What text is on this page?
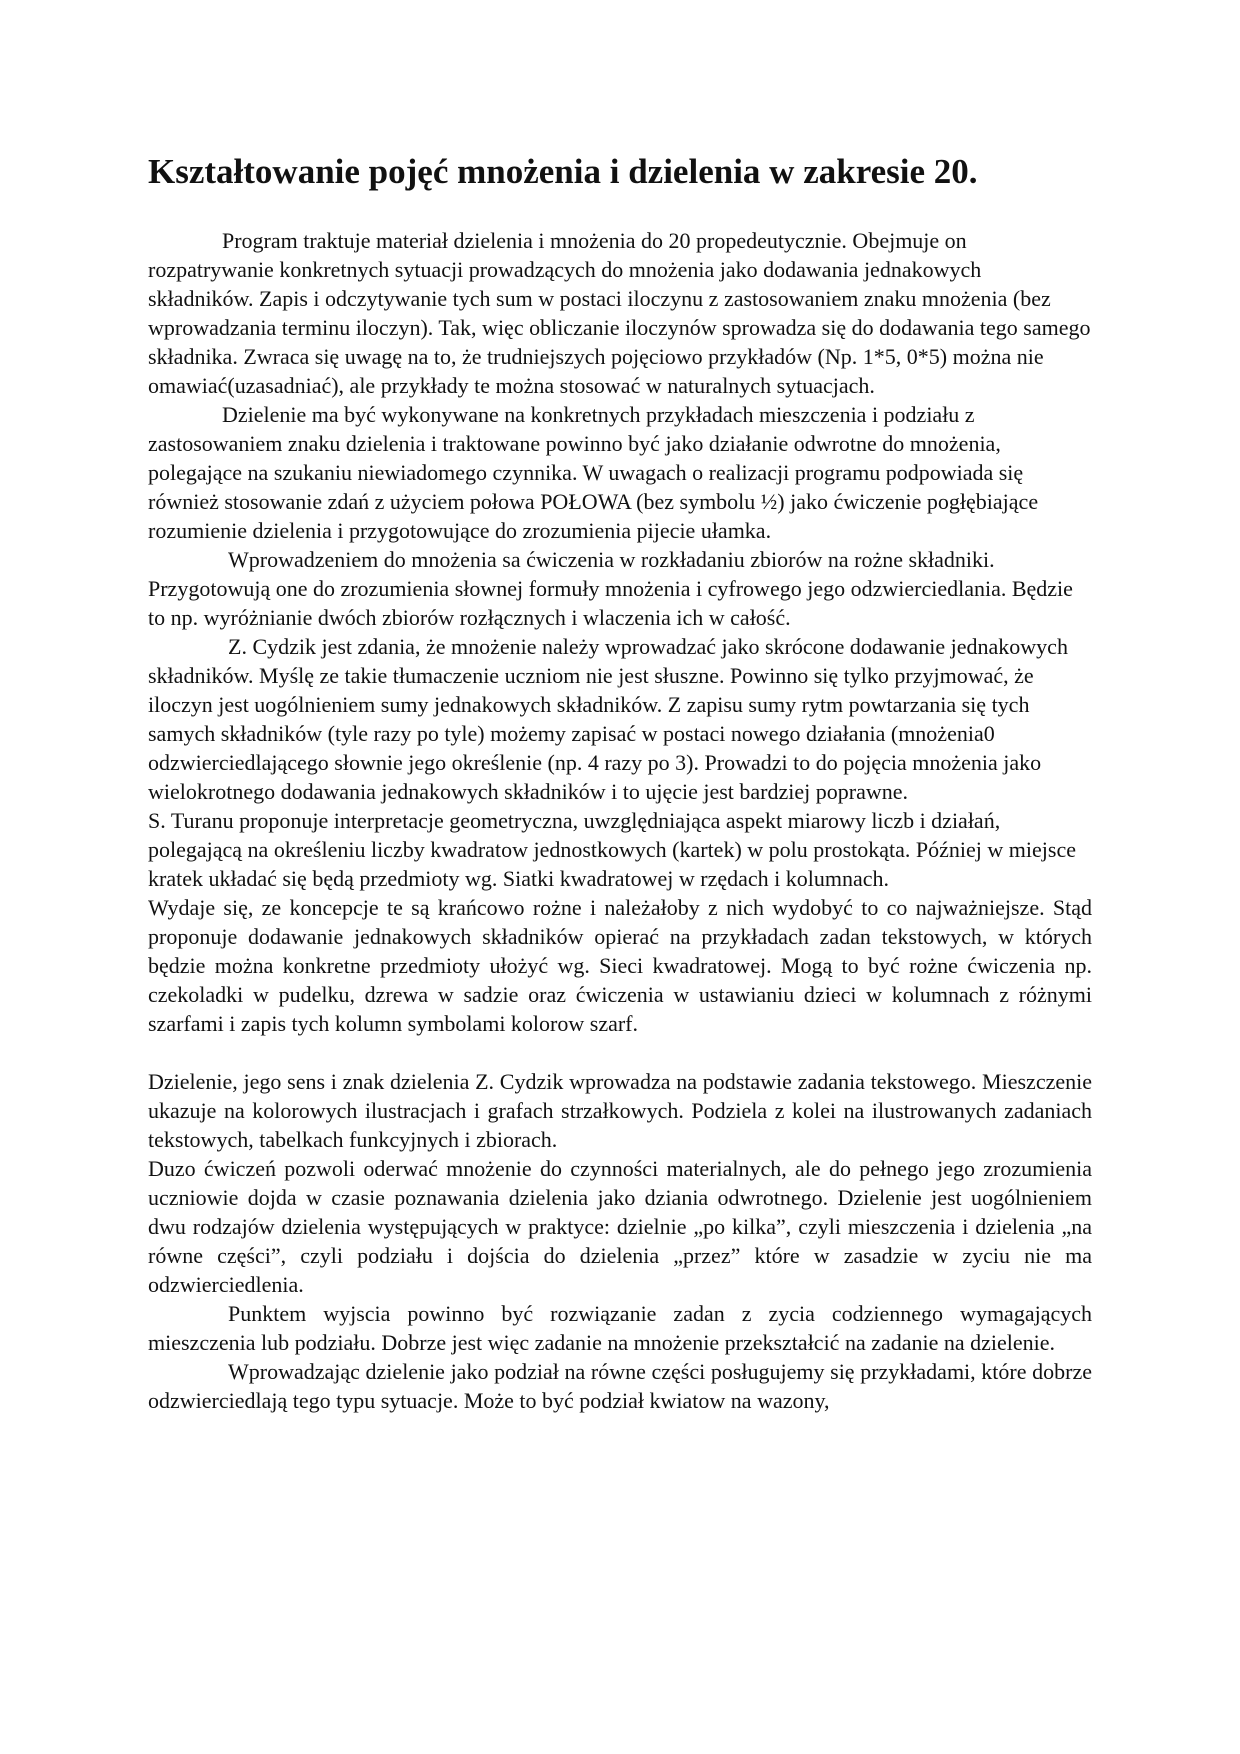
Kształtowanie pojęć mnożenia i dzielenia w zakresie 20.

Program traktuje materiał dzielenia i mnożenia do 20 propedeutycznie. Obejmuje on rozpatrywanie konkretnych sytuacji prowadzących do mnożenia jako dodawania jednakowych składników. Zapis i odczytywanie tych sum w postaci iloczynu z zastosowaniem znaku mnożenia (bez wprowadzania terminu iloczyn). Tak, więc obliczanie iloczynów sprowadza się do dodawania tego samego składnika. Zwraca się uwagę na to, że trudniejszych pojęciowo przykładów (Np. 1*5, 0*5) można nie omawiać(uzasadniać), ale przykłady te można stosować w naturalnych sytuacjach.

Dzielenie ma być wykonywane na konkretnych przykładach mieszczenia i podziału z zastosowaniem znaku dzielenia i traktowane powinno być jako działanie odwrotne do mnożenia, polegające na szukaniu niewiadomego czynnika. W uwagach o realizacji programu podpowiada się również stosowanie zdań z użyciem połowa POŁOWA (bez symbolu ½) jako ćwiczenie pogłębiające rozumienie dzielenia i przygotowujące do zrozumienia pijecie ułamka.

Wprowadzeniem do mnożenia sa ćwiczenia w rozkładaniu zbiorów na rożne składniki. Przygotowują one do zrozumienia słownej formuły mnożenia i cyfrowego jego odzwierciedlania. Będzie to np. wyróżnianie dwóch zbiorów rozłącznych i wlaczenia ich w całość.

Z. Cydzik jest zdania, że mnożenie należy wprowadzać jako skrócone dodawanie jednakowych składników. Myślę ze takie tłumaczenie uczniom nie jest słuszne. Powinno się tylko przyjmować, że iloczyn jest uogólnieniem sumy jednakowych składników. Z zapisu sumy rytm powtarzania się tych samych składników (tyle razy po tyle) możemy zapisać w postaci nowego działania (mnożenia0 odzwierciedlającego słownie jego określenie (np. 4 razy po 3). Prowadzi to do pojęcia mnożenia jako wielokrotnego dodawania jednakowych składników i to ujęcie jest bardziej poprawne.

S. Turanu proponuje interpretacje geometryczna, uwzględniająca aspekt miarowy liczb i działań, polegającą na określeniu liczby kwadratow jednostkowych (kartek) w polu prostokąta. Później w miejsce kratek układać się będą przedmioty wg. Siatki kwadratowej w rzędach i kolumnach.

Wydaje się, ze koncepcje te są krańcowo rożne i należałoby z nich wydobyć to co najważniejsze. Stąd proponuje dodawanie jednakowych składników opierać na przykładach zadan tekstowych, w których będzie można konkretne przedmioty ułożyć wg. Sieci kwadratowej. Mogą to być rożne ćwiczenia np. czekoladki w pudelku, dzrewa w sadzie oraz ćwiczenia w ustawianiu dzieci w kolumnach z różnymi szarfami i zapis tych kolumn symbolami kolorow szarf.

Dzielenie, jego sens i znak dzielenia Z. Cydzik wprowadza na podstawie zadania tekstowego. Mieszczenie ukazuje na kolorowych ilustracjach i grafach strzałkowych. Podziela z kolei na ilustrowanych zadaniach tekstowych, tabelkach funkcyjnych i zbiorach.

Duzo ćwiczeń pozwoli oderwać mnożenie do czynności materialnych, ale do pełnego jego zrozumienia uczniowie dojda w czasie poznawania dzielenia jako dziania odwrotnego. Dzielenie jest uogólnieniem dwu rodzajów dzielenia występujących w praktyce: dzielnie „po kilka”, czyli mieszczenia i dzielenia „na równe części”, czyli podziału i dojścia do dzielenia „przez” które w zasadzie w zyciu nie ma odzwierciedlenia.

Punktem wyjscia powinno być rozwiązanie zadan z zycia codziennego wymagających mieszczenia lub podziału. Dobrze jest więc zadanie na mnożenie przekształcić na zadanie na dzielenie.

Wprowadzając dzielenie jako podział na równe części posługujemy się przykładami, które dobrze odzwierciedlają tego typu sytuacje. Może to być podział kwiatow na wazony,
